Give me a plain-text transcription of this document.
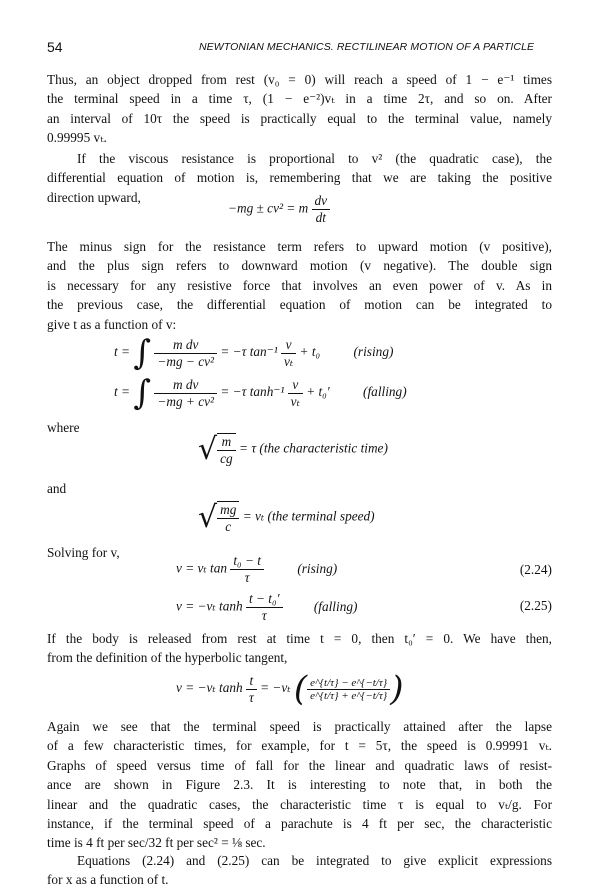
54	NEWTONIAN MECHANICS. RECTILINEAR MOTION OF A PARTICLE
Thus, an object dropped from rest (v₀ = 0) will reach a speed of 1 − e⁻¹ times
the terminal speed in a time τ, (1 − e⁻²)vₜ in a time 2τ, and so on. After
an interval of 10τ the speed is practically equal to the terminal value, namely
0.99995 vₜ.
If the viscous resistance is proportional to v² (the quadratic case), the
differential equation of motion is, remembering that we are taking the positive
direction upward,
−mg ± cv² = m $\frac{dv}{dt}$
The minus sign for the resistance term refers to upward motion (v positive),
and the plus sign refers to downward motion (v negative). The double sign
is necessary for any resistive force that involves an even power of v. As in
the previous case, the differential equation of motion can be integrated to
give t as a function of v:
t = ∫ $\frac{\text{m dv}}{\text{−mg − cv²}} = -\tau$ $\tan^{-1} \frac{v}{\text{vₜ}} + t_0$	(rising)
t = ∫ $\frac{\text{m dv}}{\text{−mg + cv²}} = -\tau$ $\tanh^{-1} \frac{v}{\text{vₜ}} + t_0'$	(falling)
where
√ $\frac{m}{cg} = \tau$ (the characteristic time)
and
√ $\frac{mg}{c} = v_t$ (the terminal speed)
Solving for v,
v = vₜ $\tan \frac{\text{t₀ − t}}{\tau}$	(rising)	(2.24)
v = −vₜ $\tanh \frac{\text{t − t₀′}}{\tau}$ (falling)	(2.25)
If the body is released from rest at time t = 0, then t₀′ = 0. We have then,
from the definition of the hyperbolic tangent,
v = −vₜ $\tanh \frac{t}{\tau} = -v_t$ ( $\frac{e\^{}\{t/\tau\} - e\^{}\{-t/\tau\}}{e\^{}\{t/\tau\} + e\^{}\{-t/\tau\}}$ )
Again we see that the terminal speed is practically attained after the lapse
of a few characteristic times, for example, for t = 5τ, the speed is 0.99991 vₜ.
Graphs of speed versus time of fall for the linear and quadratic laws of resist-
ance are shown in Figure 2.3. It is interesting to note that, in both the
linear and the quadratic cases, the characteristic time τ is equal to vₜ/g. For
instance, if the terminal speed of a parachute is 4 ft per sec, the characteristic
time is 4 ft per sec/32 ft per sec² = ⅛ sec.
Equations (2.24) and (2.25) can be integrated to give explicit expressions
for x as a function of t.
